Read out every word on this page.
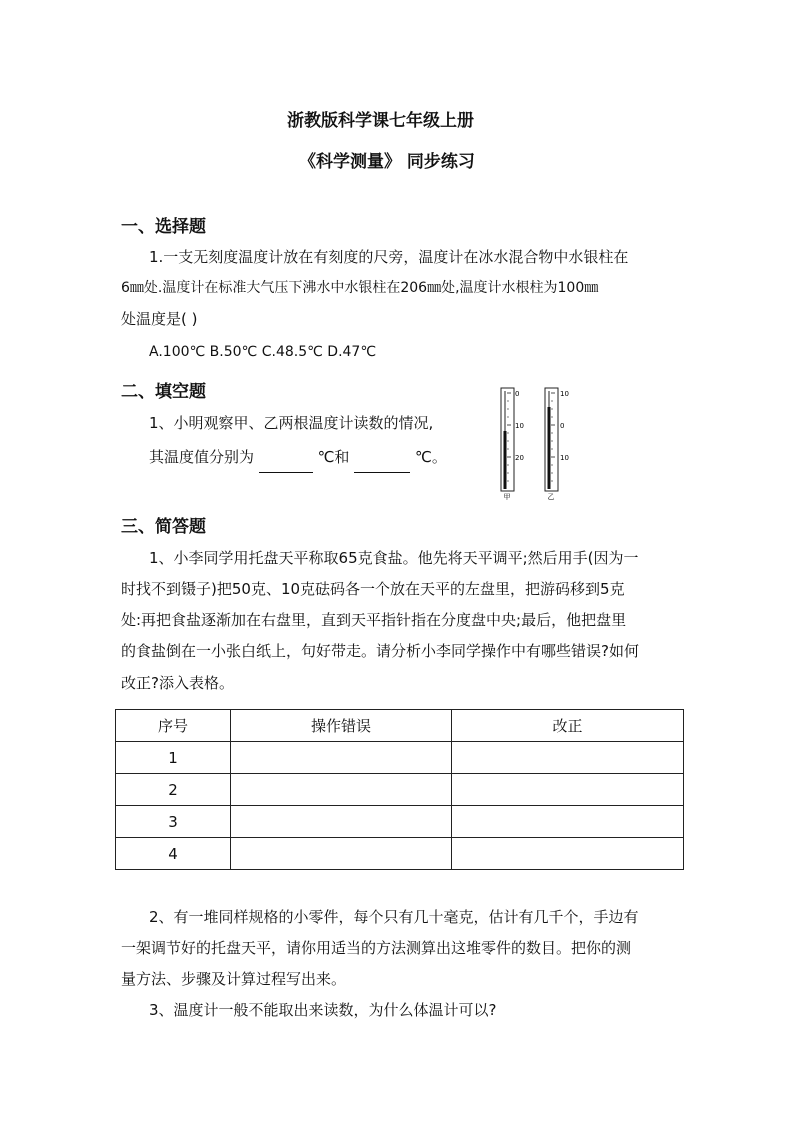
浙教版科学课七年级上册
《科学测量》 同步练习
一、选择题
1.一支无刻度温度计放在有刻度的尺旁，温度计在冰水混合物中水银柱在
6㎜处.温度计在标准大气压下沸水中水银柱在206㎜处,温度计水根柱为100㎜
处温度是( )
A.100℃ B.50℃ C.48.5℃ D.47℃
二、填空题
1、小明观察甲、乙两根温度计读数的情况,
其温度值分别为	℃和	℃。
0
10
20
甲
10
0
10
乙
三、简答题
1、小李同学用托盘天平称取65克食盐。他先将天平调平;然后用手(因为一
时找不到镊子)把50克、10克砝码各一个放在天平的左盘里，把游码移到5克
处:再把食盐逐渐加在右盘里，直到天平指针指在分度盘中央;最后，他把盘里
的食盐倒在一小张白纸上，句好带走。请分析小李同学操作中有哪些错误?如何
改正?添入表格。
序号	操作错误	改正
1		
2		
3		
4		
2、有一堆同样规格的小零件，每个只有几十毫克，估计有几千个，手边有
一架调节好的托盘天平，请你用适当的方法测算出这堆零件的数目。把你的测
量方法、步骤及计算过程写出来。
3、温度计一般不能取出来读数，为什么体温计可以?
